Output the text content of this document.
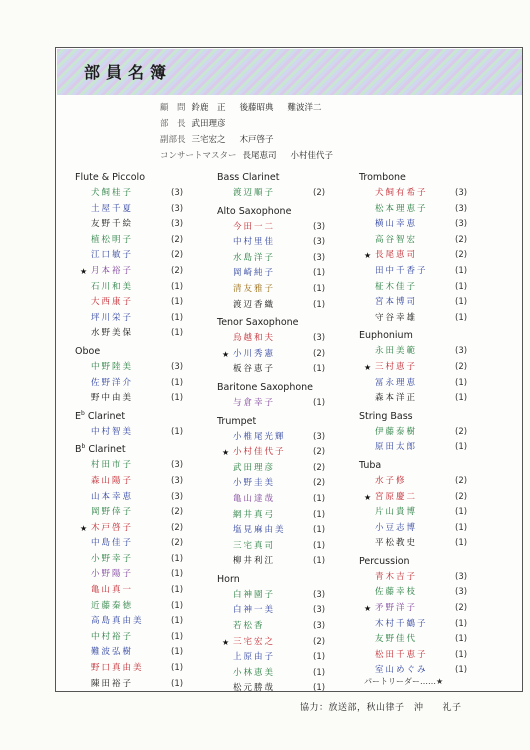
部員名簿
顧　問 鈴鹿　正 後藤昭典 難波洋二
部　長 武田理彦
副部長 三宅宏之 木戸啓子
コンサートマスター 長尾恵司 小村佳代子
Flute & Piccolo
犬飼桂子	(3)
土屋千夏	(3)
友野千絵	(3)
植松明子	(2)
江口敏子	(2)
★ 月本裕子	(2)
石川和美	(1)
大西康子	(1)
坪川栄子	(1)
水野美保	(1)
Oboe
中野陸美	(3)
佐野洋介	(1)
野中由美	(1)
$E^b$ Clarinet
中村智美	(1)
$B^b$ Clarinet
村田市子	(3)
森山陽子	(3)
山本幸恵	(3)
岡野倖子	(2)
★ 木戸啓子	(2)
中島佳子	(2)
小野幸子	(1)
小野陽子	(1)
亀山真一	(1)
近藤秦徳	(1)
高島真由美	(1)
中村裕子	(1)
難波弘樹	(1)
野口真由美	(1)
陳田裕子	(1)
Bass Clarinet
渡辺順子	(2)
Alto Saxophone
今田一二	(3)
中村里佳	(3)
水島洋子	(3)
岡崎純子	(1)
清友雅子	(1)
渡辺香織	(1)
Tenor Saxophone
烏越和夫	(3)
★ 小川秀憲	(2)
板谷恵子	(1)
Baritone Saxophone
与倉幸子	(1)
Trumpet
小椎尾光輝	(3)
★ 小村佳代子	(2)
武田理彦	(2)
小野圭美	(2)
亀山達哉	(1)
網井真弓	(1)
塩見麻由美	(1)
三宅真司	(1)
柳井利江	(1)
Horn
白神園子	(3)
白神一美	(3)
若松香	(3)
★ 三宅宏之	(2)
上原由子	(1)
小林恵美	(1)
松元勝哉	(1)
Trombone
犬飼有希子	(3)
松本理恵子	(3)
横山幸恵	(3)
高谷智宏	(2)
★ 長尾恵司	(2)
田中千香子	(1)
柾木佳子	(1)
宮本博司	(1)
守谷幸雄	(1)
Euphonium
永田美範	(3)
★ 三村恵子	(2)
冨永理恵	(1)
森本洋正	(1)
String Bass
伊藤泰樹	(2)
原田太郎	(1)
Tuba
水子修	(2)
★ 宮原慶二	(2)
片山貴博	(1)
小豆志博	(1)
平松教史	(1)
Percussion
青木吉子	(3)
佐藤幸枝	(3)
★ 矛野洋子	(2)
木村千鶴子	(1)
友野佳代	(1)
松田千恵子	(1)
室山めぐみ	(1)
パートリーダー……★
協力：放送部，秋山律子　沖　　礼子
